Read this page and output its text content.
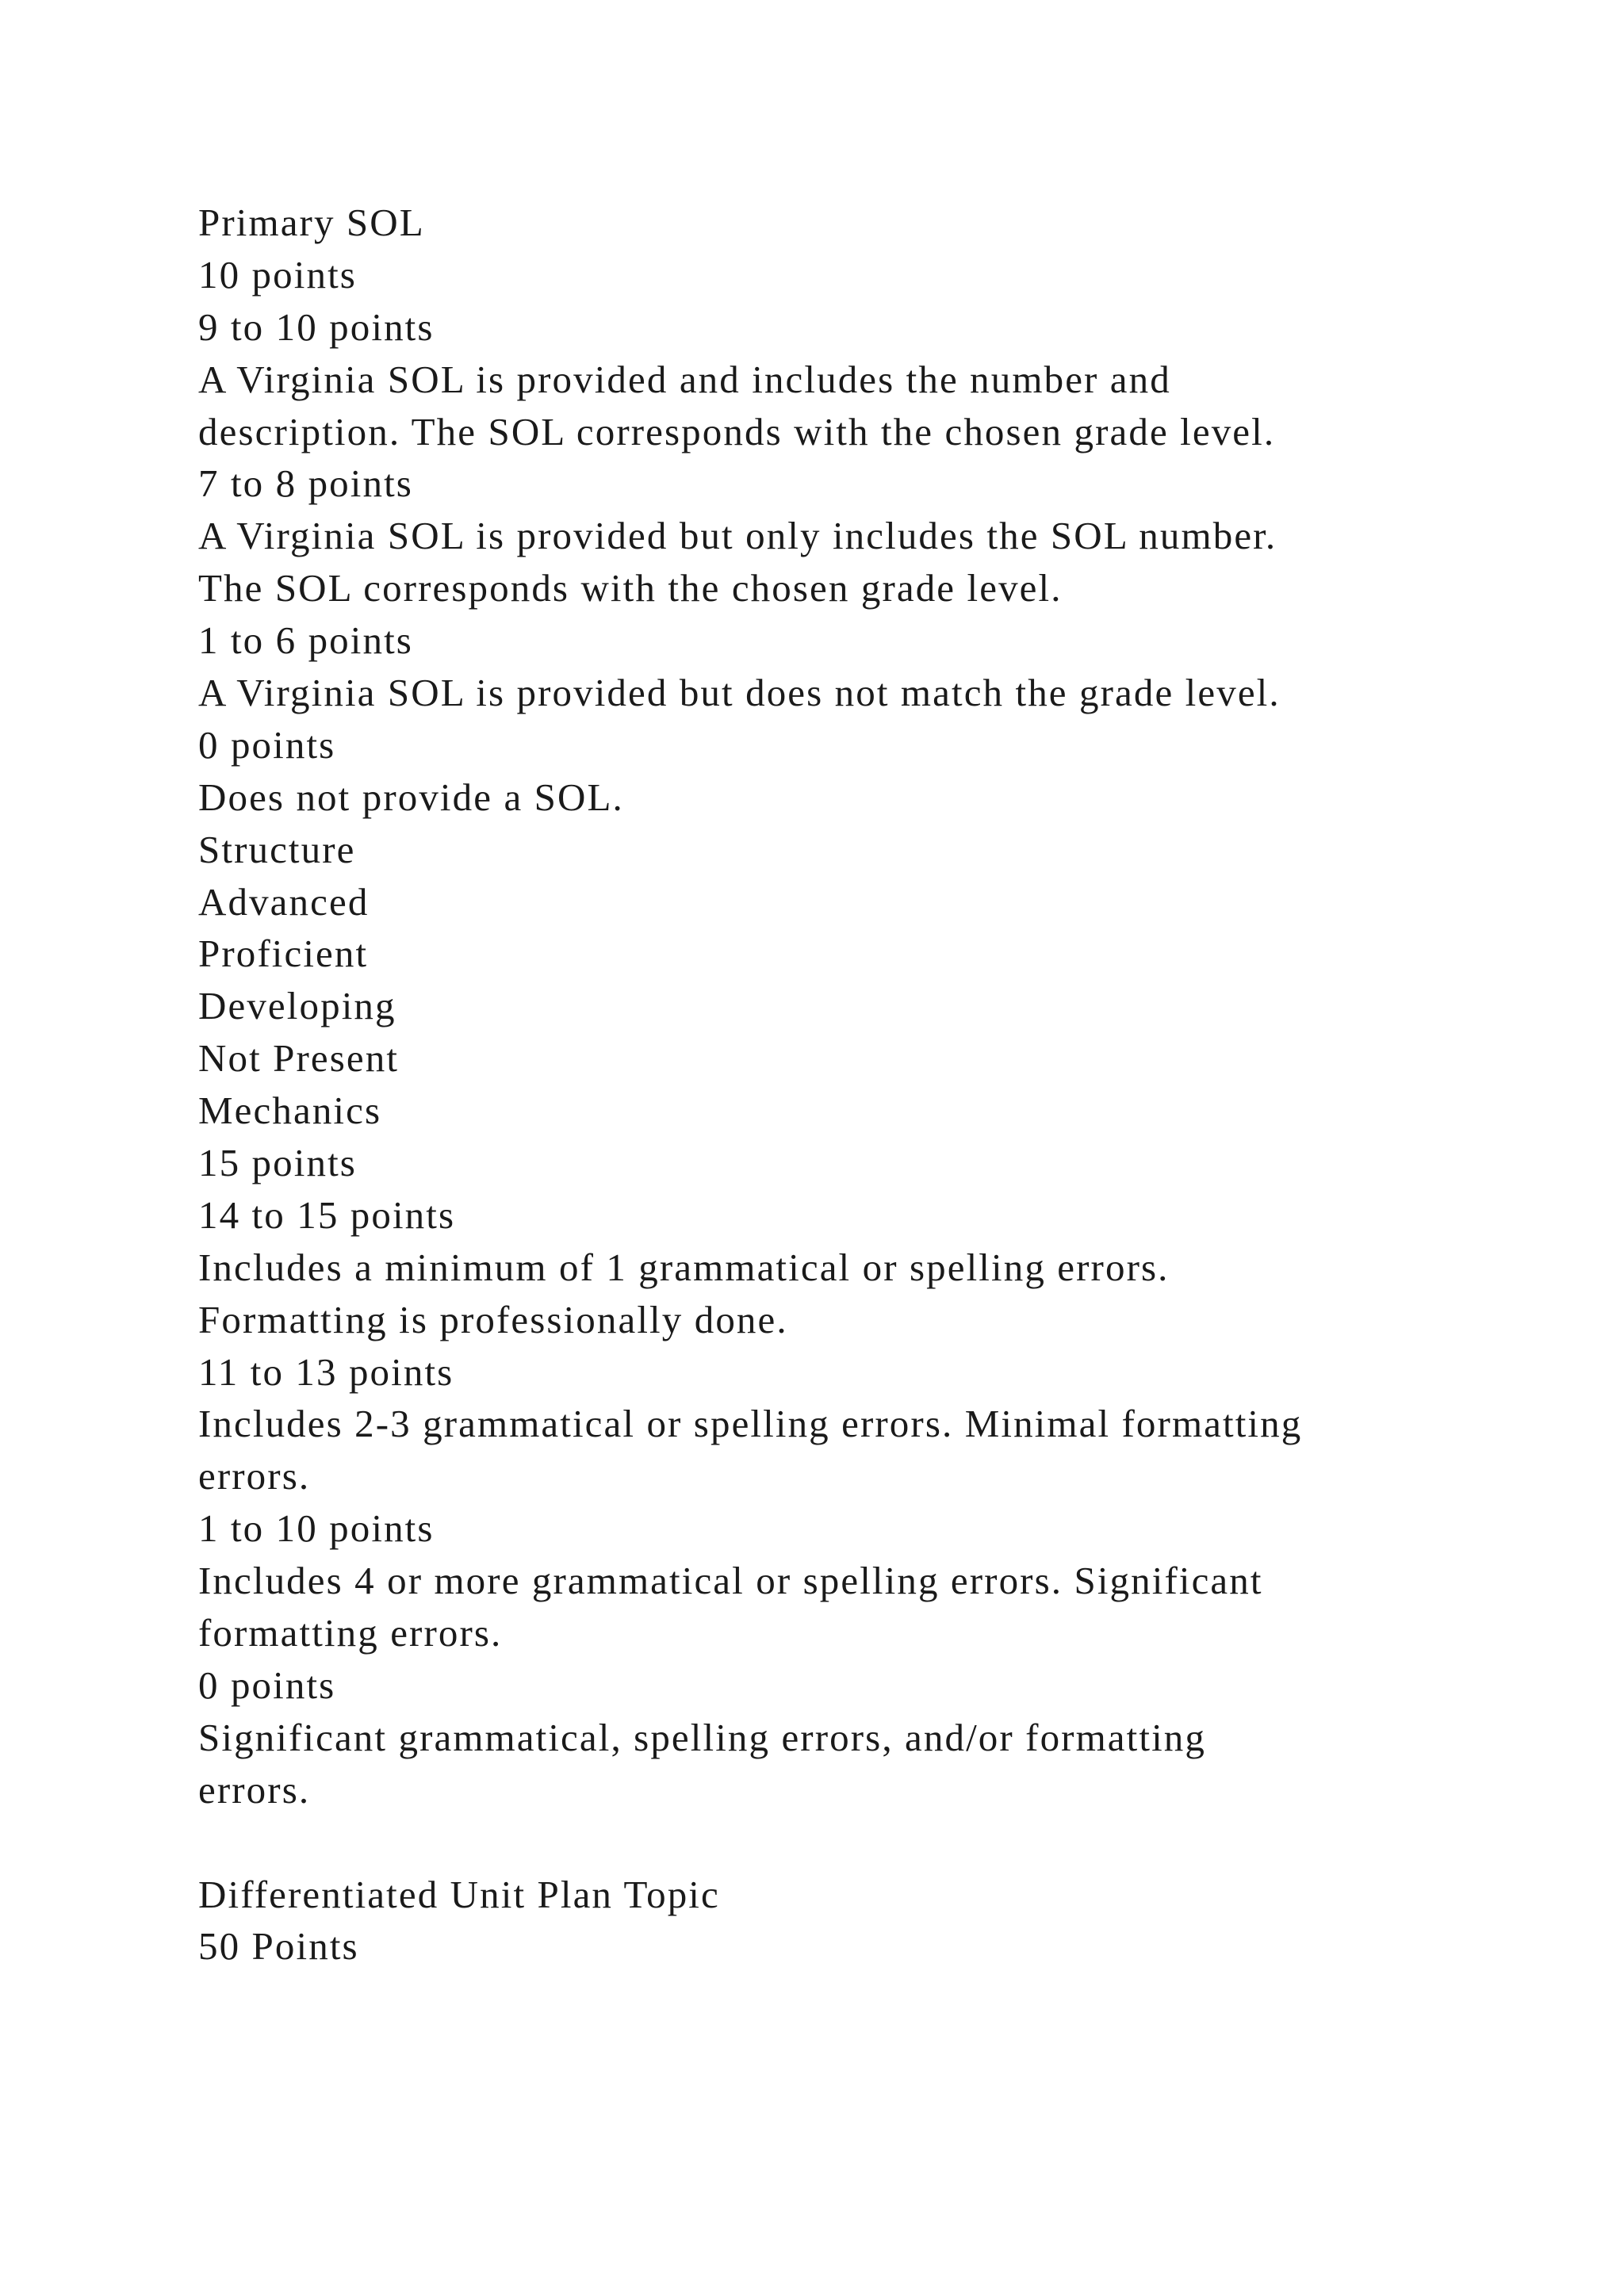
Primary SOL
10 points
9 to 10 points
A Virginia SOL is provided and includes the number and
description. The SOL corresponds with the chosen grade level.
7 to 8 points
A Virginia SOL is provided but only includes the SOL number.
The SOL corresponds with the chosen grade level.
1 to 6 points
A Virginia SOL is provided but does not match the grade level.
0 points
Does not provide a SOL.
Structure
Advanced
Proficient
Developing
Not Present
Mechanics
15 points
14 to 15 points
Includes a minimum of 1 grammatical or spelling errors.
Formatting is professionally done.
11 to 13 points
Includes 2-3 grammatical or spelling errors. Minimal formatting
errors.
1 to 10 points
Includes 4 or more grammatical or spelling errors. Significant
formatting errors.
0 points
Significant grammatical, spelling errors, and/or formatting
errors.
Differentiated Unit Plan Topic
50 Points
